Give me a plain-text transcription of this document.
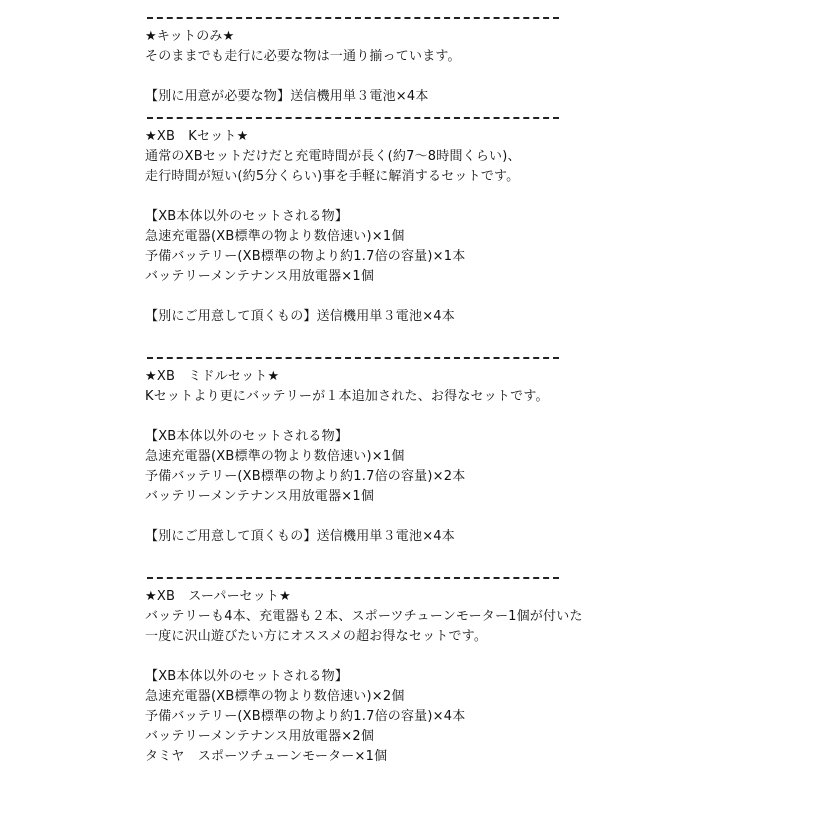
★キットのみ★
そのままでも走行に必要な物は一通り揃っています。
【別に用意が必要な物】送信機用単３電池×4本
★XB　Kセット★
通常のXBセットだけだと充電時間が長く(約7〜8時間くらい)、
走行時間が短い(約5分くらい)事を手軽に解消するセットです。
【XB本体以外のセットされる物】
急速充電器(XB標準の物より数倍速い)×1個
予備バッテリー(XB標準の物より約1.7倍の容量)×1本
バッテリーメンテナンス用放電器×1個
【別にご用意して頂くもの】送信機用単３電池×4本
★XB　ミドルセット★
Kセットより更にバッテリーが１本追加された、お得なセットです。
【XB本体以外のセットされる物】
急速充電器(XB標準の物より数倍速い)×1個
予備バッテリー(XB標準の物より約1.7倍の容量)×2本
バッテリーメンテナンス用放電器×1個
【別にご用意して頂くもの】送信機用単３電池×4本
★XB　スーパーセット★
バッテリーも4本、充電器も２本、スポーツチューンモーター1個が付いた
一度に沢山遊びたい方にオススメの超お得なセットです。
【XB本体以外のセットされる物】
急速充電器(XB標準の物より数倍速い)×2個
予備バッテリー(XB標準の物より約1.7倍の容量)×4本
バッテリーメンテナンス用放電器×2個
タミヤ　スポーツチューンモーター×1個
